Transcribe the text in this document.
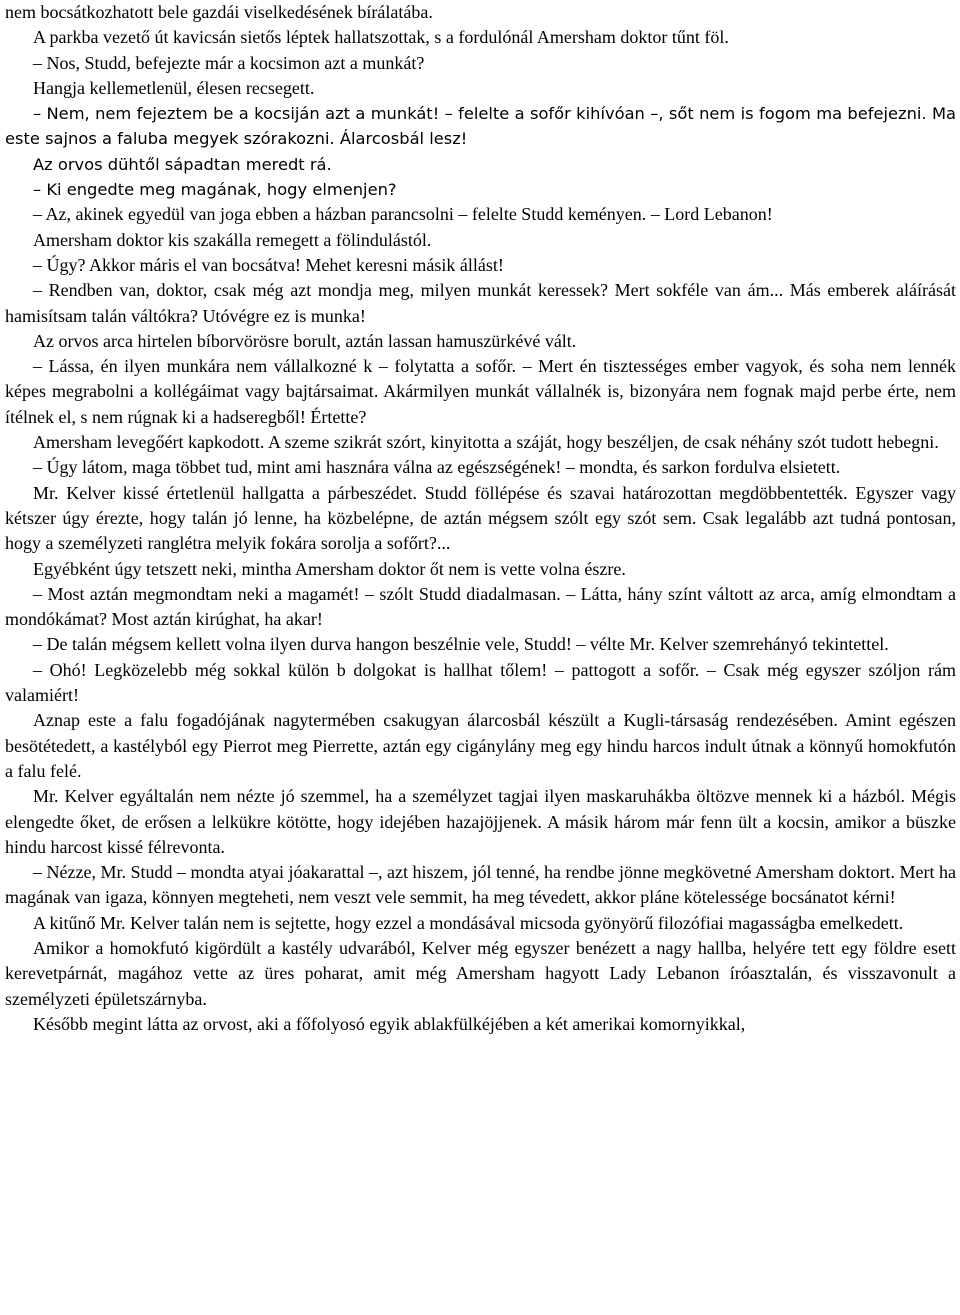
nem bocsátkozhatott bele gazdái viselkedésének bírálatába.

A parkba vezető út kavicsán sietős léptek hallatszottak, s a fordulónál Amersham doktor tűnt föl.

– Nos, Studd, befejezte már a kocsimon azt a munkát?

Hangja kellemetlenül, élesen recsegett.

– Nem, nem fejeztem be a kocsiján azt a munkát! – felelte a sofőr kihívóan –, sőt nem is fogom ma befejezni. Ma este sajnos a faluba megyek szórakozni. Álarcosbál lesz!

Az orvos dühtől sápadtan meredt rá.

– Ki engedte meg magának, hogy elmenjen?

– Az, akinek egyedül van joga ebben a házban parancsolni – felelte Studd keményen. – Lord Lebanon!

Amersham doktor kis szakálla remegett a fölindulástól.

– Úgy? Akkor máris el van bocsátva! Mehet keresni másik állást!

– Rendben van, doktor, csak még azt mondja meg, milyen munkát keressek? Mert sokféle van ám... Más emberek aláírását hamisítsam talán váltókra? Utóvégre ez is munka!

Az orvos arca hirtelen bíborvörösre borult, aztán lassan hamuszürkévé vált.

– Lássa, én ilyen munkára nem vállalkozné k – folytatta a sofőr. – Mert én tisztességes ember vagyok, és soha nem lennék képes megrabolni a kollégáimat vagy bajtársaimat. Akármilyen munkát vállalnék is, bizonyára nem fognak majd perbe érte, nem ítélnek el, s nem rúgnak ki a hadseregből! Értette?

Amersham levegőért kapkodott. A szeme szikrát szórt, kinyitotta a száját, hogy beszéljen, de csak néhány szót tudott hebegni.

– Úgy látom, maga többet tud, mint ami hasznára válna az egészségének! – mondta, és sarkon fordulva elsietett.

Mr. Kelver kissé értetlenül hallgatta a párbeszédet. Studd föllépése és szavai határozottan megdöbbentették. Egyszer vagy kétszer úgy érezte, hogy talán jó lenne, ha közbelépne, de aztán mégsem szólt egy szót sem. Csak legalább azt tudná pontosan, hogy a személyzeti ranglétra melyik fokára sorolja a sofőrt?...

Egyébként úgy tetszett neki, mintha Amersham doktor őt nem is vette volna észre.

– Most aztán megmondtam neki a magamét! – szólt Studd diadalmasan. – Látta, hány színt váltott az arca, amíg elmondtam a mondókámat? Most aztán kirúghat, ha akar!

– De talán mégsem kellett volna ilyen durva hangon beszélnie vele, Studd! – vélte Mr. Kelver szemrehányó tekintettel.

– Ohó! Legközelebb még sokkal külön b dolgokat is hallhat tőlem! – pattogott a sofőr. – Csak még egyszer szóljon rám valamiért!

Aznap este a falu fogadójának nagytermében csakugyan álarcosbál készült a Kugli-társaság rendezésében. Amint egészen besötétedett, a kastélyból egy Pierrot meg Pierrette, aztán egy cigánylány meg egy hindu harcos indult útnak a könnyű homokfutón a falu felé.

Mr. Kelver egyáltalán nem nézte jó szemmel, ha a személyzet tagjai ilyen maskaruhákba öltözve mennek ki a házból. Mégis elengedte őket, de erősen a lelkükre kötötte, hogy idejében hazajöjjenek. A másik három már fenn ült a kocsin, amikor a büszke hindu harcost kissé félrevonta.

– Nézze, Mr. Studd – mondta atyai jóakarattal –, azt hiszem, jól tenné, ha rendbe jönne megkövetné Amersham doktort. Mert ha magának van igaza, könnyen megteheti, nem veszt vele semmit, ha meg tévedett, akkor pláne kötelessége bocsánatot kérni!

A kitűnő Mr. Kelver talán nem is sejtette, hogy ezzel a mondásával micsoda gyönyörű filozófiai magasságba emelkedett.

Amikor a homokfutó kigördült a kastély udvarából, Kelver még egyszer benézett a nagy hallba, helyére tett egy földre esett kerevetpárnát, magához vette az üres poharat, amit még Amersham hagyott Lady Lebanon íróasztalán, és visszavonult a személyzeti épületszárnyba.

Később megint látta az orvost, aki a főfolyosó egyik ablakfülkéjében a két amerikai komornyikkal,
